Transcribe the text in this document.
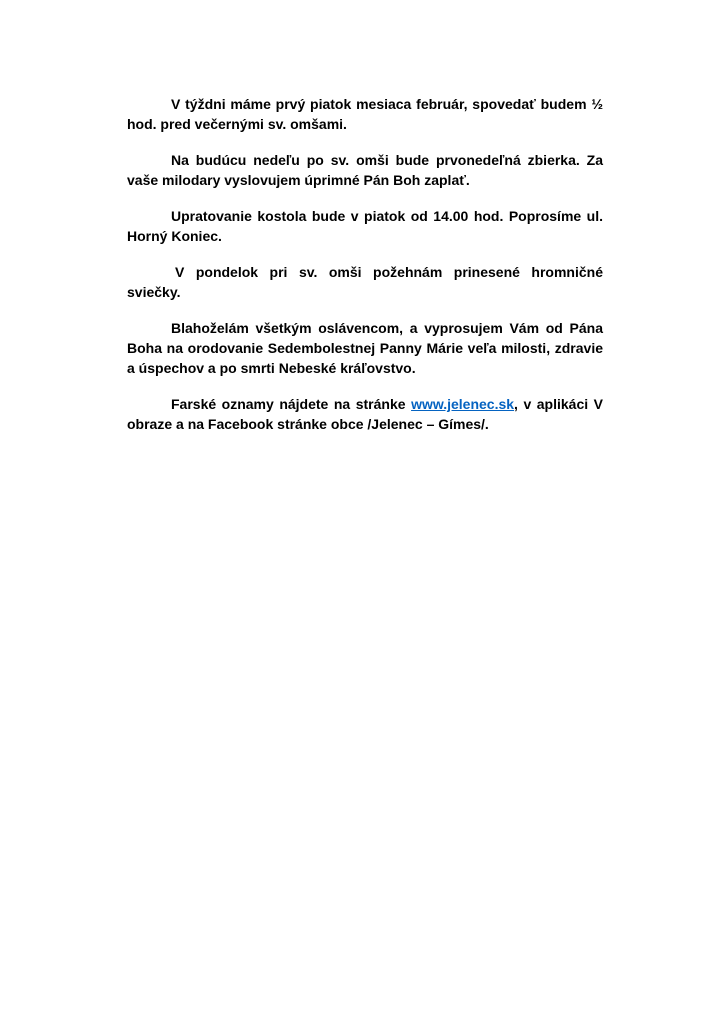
V týždni máme prvý piatok mesiaca február, spovedať budem ½ hod. pred večernými sv. omšami.

Na budúcu nedeľu po sv. omši bude prvonedeľná zbierka. Za vaše milodary vyslovujem úprimné Pán Boh zaplať.

Upratovanie kostola bude v piatok od 14.00 hod. Poprosíme ul. Horný Koniec.

V pondelok pri sv. omši požehnám prinesené hromničné sviečky.

Blahoželám všetkým oslávencom, a vyprosujem Vám od Pána Boha na orodovanie Sedembolestnej Panny Márie veľa milosti, zdravie a úspechov a po smrti Nebeské kráľovstvo.

Farské oznamy nájdete na stránke www.jelenec.sk, v aplikáci V obraze a na Facebook stránke obce /Jelenec – Gímes/.
